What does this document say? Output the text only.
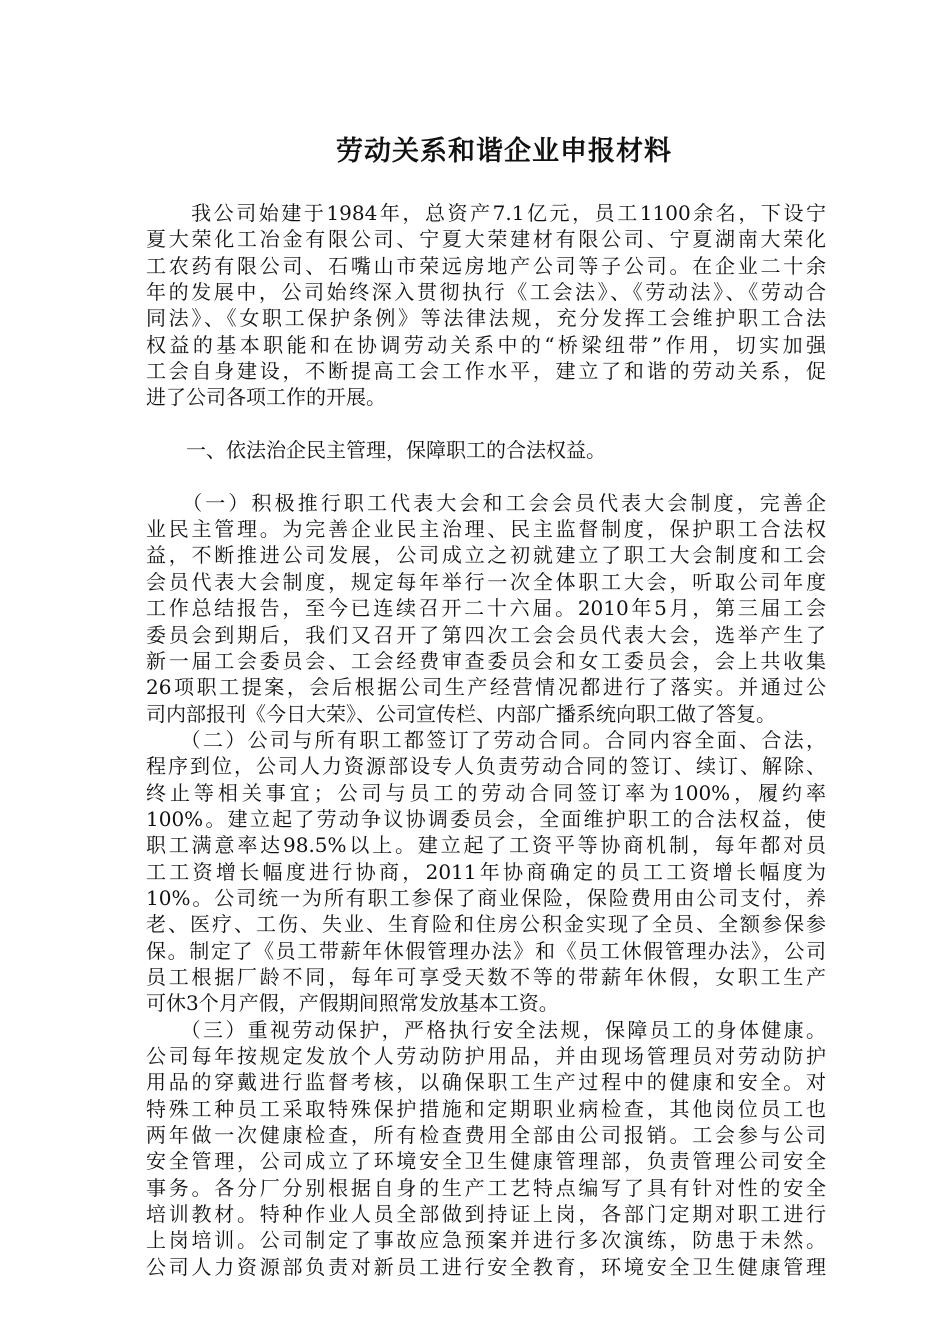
劳动关系和谐企业申报材料
　　我公司始建于1984年，总资产7.1亿元，员工1100余名，下设宁
夏大荣化工冶金有限公司、宁夏大荣建材有限公司、宁夏湖南大荣化
工农药有限公司、石嘴山市荣远房地产公司等子公司。在企业二十余
年的发展中，公司始终深入贯彻执行《工会法》、《劳动法》、《劳动合
同法》、《女职工保护条例》等法律法规，充分发挥工会维护职工合法
权益的基本职能和在协调劳动关系中的“桥梁纽带”作用，切实加强
工会自身建设，不断提高工会工作水平，建立了和谐的劳动关系，促
进了公司各项工作的开展。
　　一、依法治企民主管理，保障职工的合法权益。
　　（一）积极推行职工代表大会和工会会员代表大会制度，完善企
业民主管理。为完善企业民主治理、民主监督制度，保护职工合法权
益，不断推进公司发展，公司成立之初就建立了职工大会制度和工会
会员代表大会制度，规定每年举行一次全体职工大会，听取公司年度
工作总结报告，至今已连续召开二十六届。2010年5月，第三届工会
委员会到期后，我们又召开了第四次工会会员代表大会，选举产生了
新一届工会委员会、工会经费审查委员会和女工委员会，会上共收集
26项职工提案，会后根据公司生产经营情况都进行了落实。并通过公
司内部报刊《今日大荣》、公司宣传栏、内部广播系统向职工做了答复。
　　（二）公司与所有职工都签订了劳动合同。合同内容全面、合法，
程序到位，公司人力资源部设专人负责劳动合同的签订、续订、解除、
终止等相关事宜；公司与员工的劳动合同签订率为100%，履约率
100%。建立起了劳动争议协调委员会，全面维护职工的合法权益，使
职工满意率达98.5%以上。建立起了工资平等协商机制，每年都对员
工工资增长幅度进行协商，2011年协商确定的员工工资增长幅度为
10%。公司统一为所有职工参保了商业保险，保险费用由公司支付，养
老、医疗、工伤、失业、生育险和住房公积金实现了全员、全额参保参
保。制定了《员工带薪年休假管理办法》和《员工休假管理办法》，公司
员工根据厂龄不同，每年可享受天数不等的带薪年休假，女职工生产
可休3个月产假，产假期间照常发放基本工资。
　　（三）重视劳动保护，严格执行安全法规，保障员工的身体健康。
公司每年按规定发放个人劳动防护用品，并由现场管理员对劳动防护
用品的穿戴进行监督考核，以确保职工生产过程中的健康和安全。对
特殊工种员工采取特殊保护措施和定期职业病检查，其他岗位员工也
两年做一次健康检查，所有检查费用全部由公司报销。工会参与公司
安全管理，公司成立了环境安全卫生健康管理部，负责管理公司安全
事务。各分厂分别根据自身的生产工艺特点编写了具有针对性的安全
培训教材。特种作业人员全部做到持证上岗，各部门定期对职工进行
上岗培训。公司制定了事故应急预案并进行多次演练，防患于未然。
公司人力资源部负责对新员工进行安全教育，环境安全卫生健康管理
